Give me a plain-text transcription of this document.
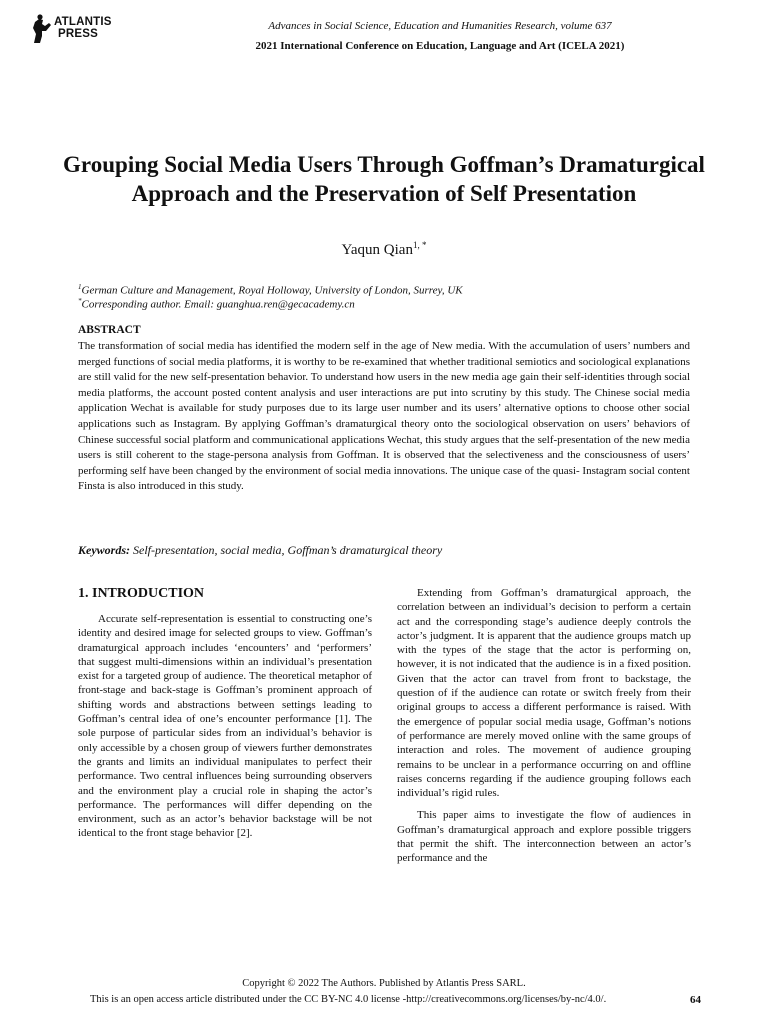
ATLANTIS
PRESS
Advances in Social Science, Education and Humanities Research, volume 637
2021 International Conference on Education, Language and Art (ICELA 2021)
Grouping Social Media Users Through Goffman’s Dramaturgical Approach and the Preservation of Self Presentation
Yaqun Qian$^{1, *}$
$^1$German Culture and Management, Royal Holloway, University of London, Surrey, UK
*Corresponding author. Email: guanghua.ren@gecacademy.cn
ABSTRACT

The transformation of social media has identified the modern self in the age of New media. With the accumulation of users’ numbers and merged functions of social media platforms, it is worthy to be re-examined that whether traditional semiotics and sociological explanations are still valid for the new self-presentation behavior. To understand how users in the new media age gain their self-identities through social media platforms, the account posted content analysis and user interactions are put into scrutiny by this study. The Chinese social media application Wechat is available for study purposes due to its large user number and its users’ alternative options to choose other social applications such as Instagram. By applying Goffman’s dramaturgical theory onto the sociological observation on users’ behaviors of Chinese successful social platform and communicational applications Wechat, this study argues that the self-presentation of the new media users is still coherent to the stage-persona analysis from Goffman. It is observed that the selectiveness and the consciousness of users’ performing self have been changed by the environment of social media innovations. The unique case of the quasi- Instagram social content Finsta is also introduced in this study.

Keywords: Self-presentation, social media, Goffman’s dramaturgical theory
1. INTRODUCTION

Accurate self-representation is essential to constructing one’s identity and desired image for selected groups to view. Goffman’s dramaturgical approach includes ‘encounters’ and ‘performers’ that suggest multi-dimensions within an individual’s presentation exist for a targeted group of audience. The theoretical metaphor of front-stage and back-stage is Goffman’s prominent approach of shifting words and abstractions between settings leading to Goffman’s central idea of one’s encounter performance [1]. The sole purpose of particular sides from an individual’s behavior is only accessible by a chosen group of viewers further demonstrates the grants and limits an individual manipulates to perfect their performance. Two central influences being surrounding observers and the environment play a crucial role in shaping the actor’s performance. The performances will differ depending on the environment, such as an actor’s behavior backstage will be not identical to the front stage behavior [2].

Extending from Goffman’s dramaturgical approach, the correlation between an individual’s decision to perform a certain act and the corresponding stage’s audience deeply controls the actor’s judgment. It is apparent that the audience groups match up with the types of the stage that the actor is performing on, however, it is not indicated that the audience is in a fixed position. Given that the actor can travel from front to backstage, the question of if the audience can rotate or switch freely from their original groups to access a different performance is raised. With the emergence of popular social media usage, Goffman’s notions of performance are merely moved online with the same groups of interaction and roles. The movement of audience grouping remains to be unclear in a performance occurring on and offline raises concerns regarding if the audience grouping follows each individual’s rigid rules.

This paper aims to investigate the flow of audiences in Goffman’s dramaturgical approach and explore possible triggers that permit the shift. The interconnection between an actor’s performance and the

Copyright © 2022 The Authors. Published by Atlantis Press SARL.
This is an open access article distributed under the CC BY-NC 4.0 license -http://creativecommons.org/licenses/by-nc/4.0/.	64
